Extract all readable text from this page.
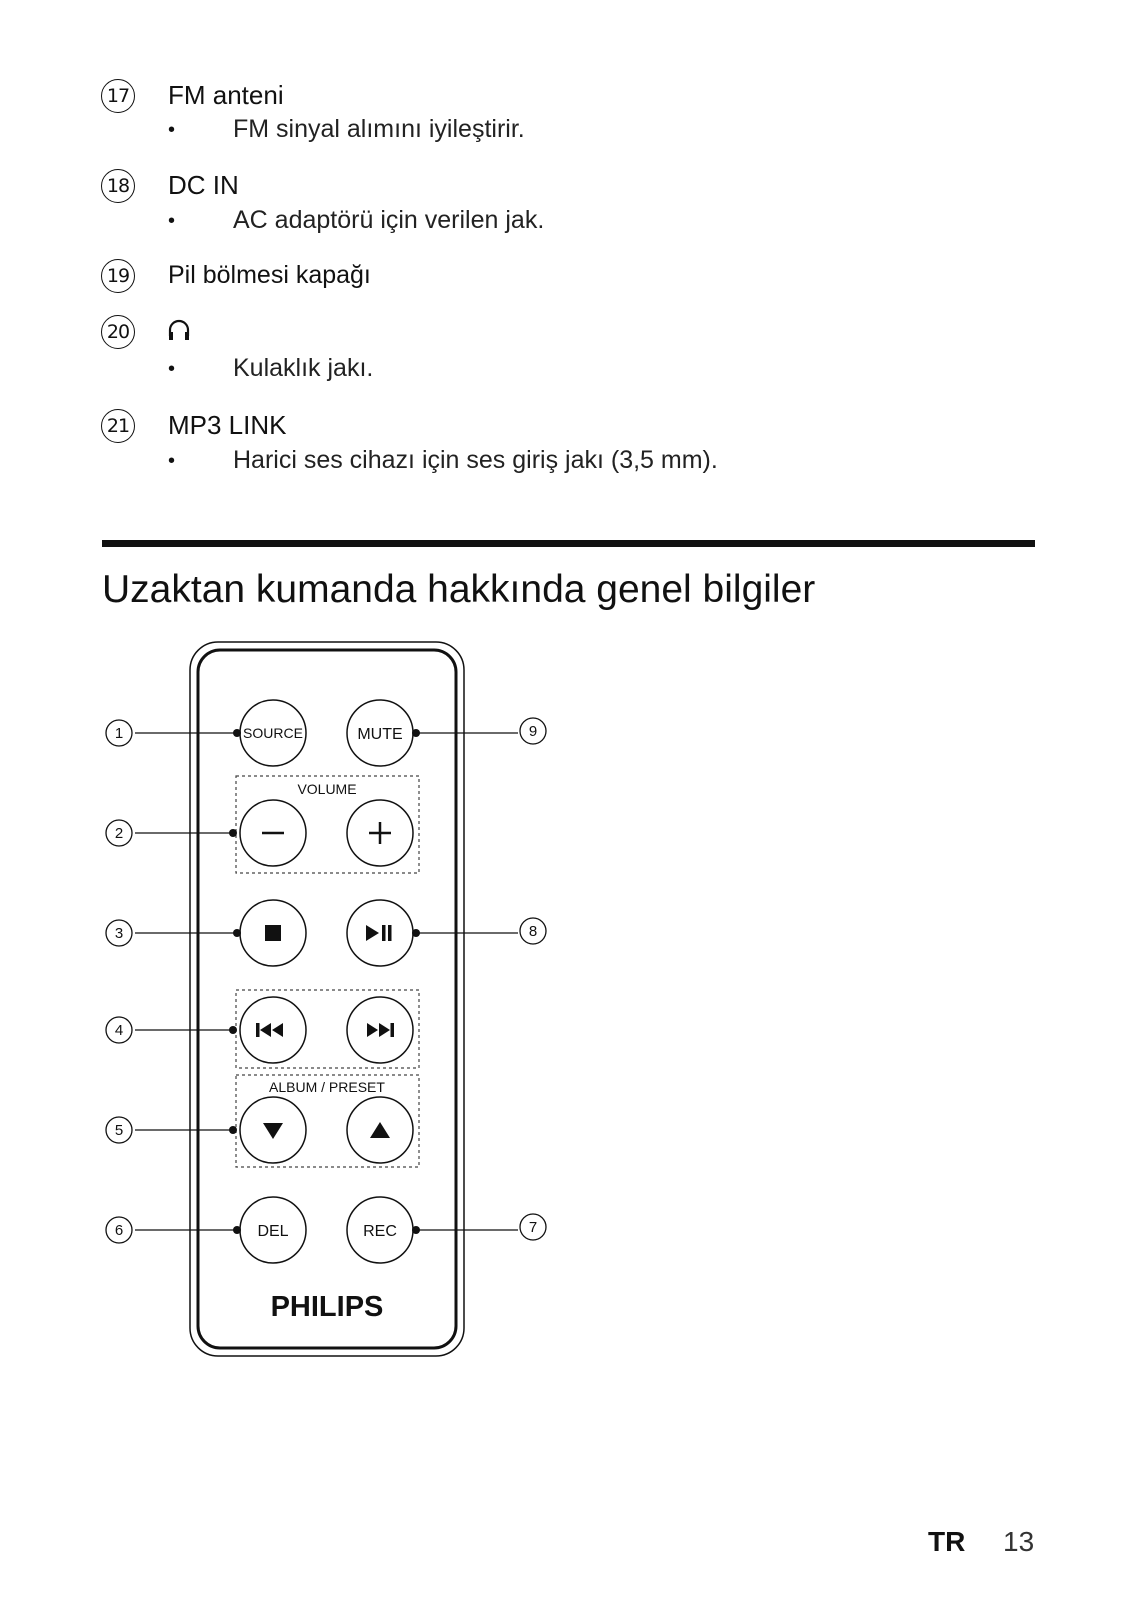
17 FM anteni
• FM sinyal alımını iyileştirir.
18 DC IN
• AC adaptörü için verilen jak.
19 Pil bölmesi kapağı
20
• Kulaklık jakı.
21 MP3 LINK
• Harici ses cihazı için ses giriş jakı (3,5 mm).
Uzaktan kumanda hakkında genel bilgiler
VOLUME
ALBUM / PRESET
SOURCE	MUTE
DEL	REC
PHILIPS
1
2
3
4
5
6	7
8
9
TR 13
